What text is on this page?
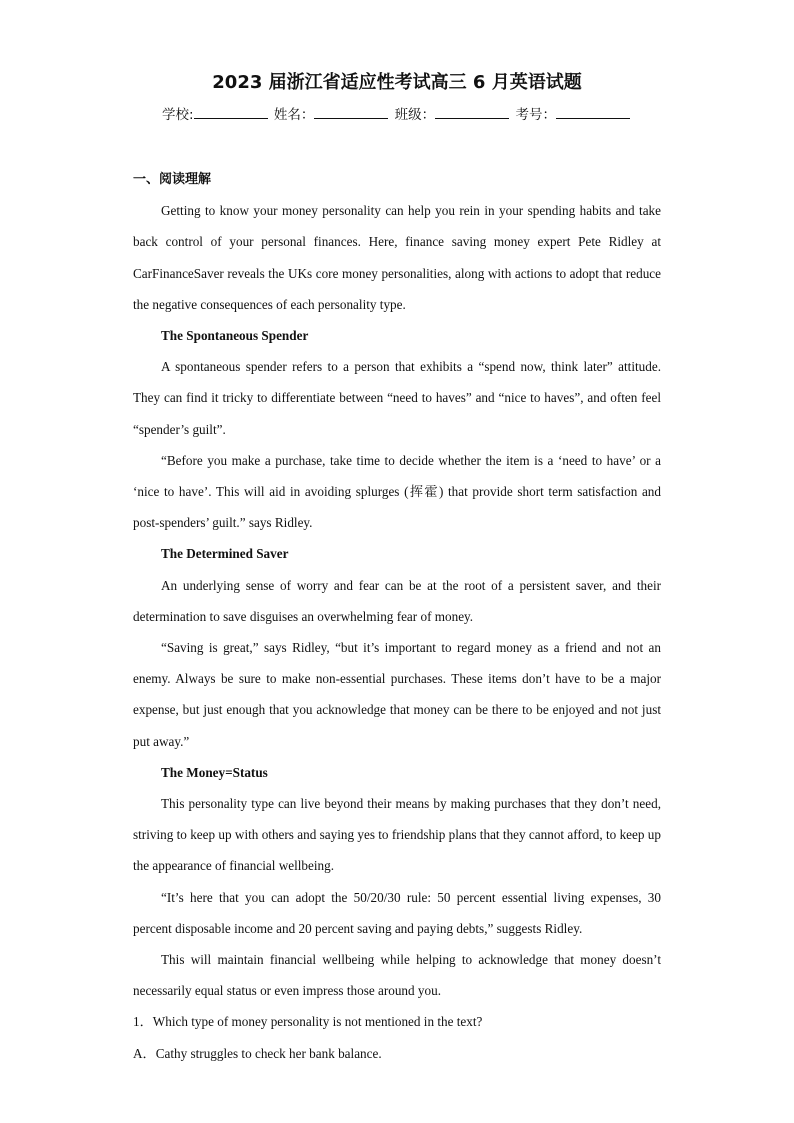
2023 届浙江省适应性考试高三 6 月英语试题
学校:	姓名：	班级：	考号：
一、阅读理解

Getting to know your money personality can help you rein in your spending habits and take back control of your personal finances. Here, finance saving money expert Pete Ridley at CarFinanceSaver reveals the UKs core money personalities, along with actions to adopt that reduce the negative consequences of each personality type.

The Spontaneous Spender

A spontaneous spender refers to a person that exhibits a “spend now, think later” attitude. They can find it tricky to differentiate between “need to haves” and “nice to haves”, and often feel “spender’s guilt”.

“Before you make a purchase, take time to decide whether the item is a ‘need to have’ or a ‘nice to have’. This will aid in avoiding splurges (挥霍) that provide short term satisfaction and post-spenders’ guilt.” says Ridley.

The Determined Saver

An underlying sense of worry and fear can be at the root of a persistent saver, and their determination to save disguises an overwhelming fear of money.

“Saving is great,” says Ridley, “but it’s important to regard money as a friend and not an enemy. Always be sure to make non-essential purchases. These items don’t have to be a major expense, but just enough that you acknowledge that money can be there to be enjoyed and not just put away.”

The Money=Status

This personality type can live beyond their means by making purchases that they don’t need, striving to keep up with others and saying yes to friendship plans that they cannot afford, to keep up the appearance of financial wellbeing.

“It’s here that you can adopt the 50/20/30 rule: 50 percent essential living expenses, 30 percent disposable income and 20 percent saving and paying debts,” suggests Ridley.

This will maintain financial wellbeing while helping to acknowledge that money doesn’t necessarily equal status or even impress those around you.

1．Which type of money personality is not mentioned in the text?
A．Cathy struggles to check her bank balance.
